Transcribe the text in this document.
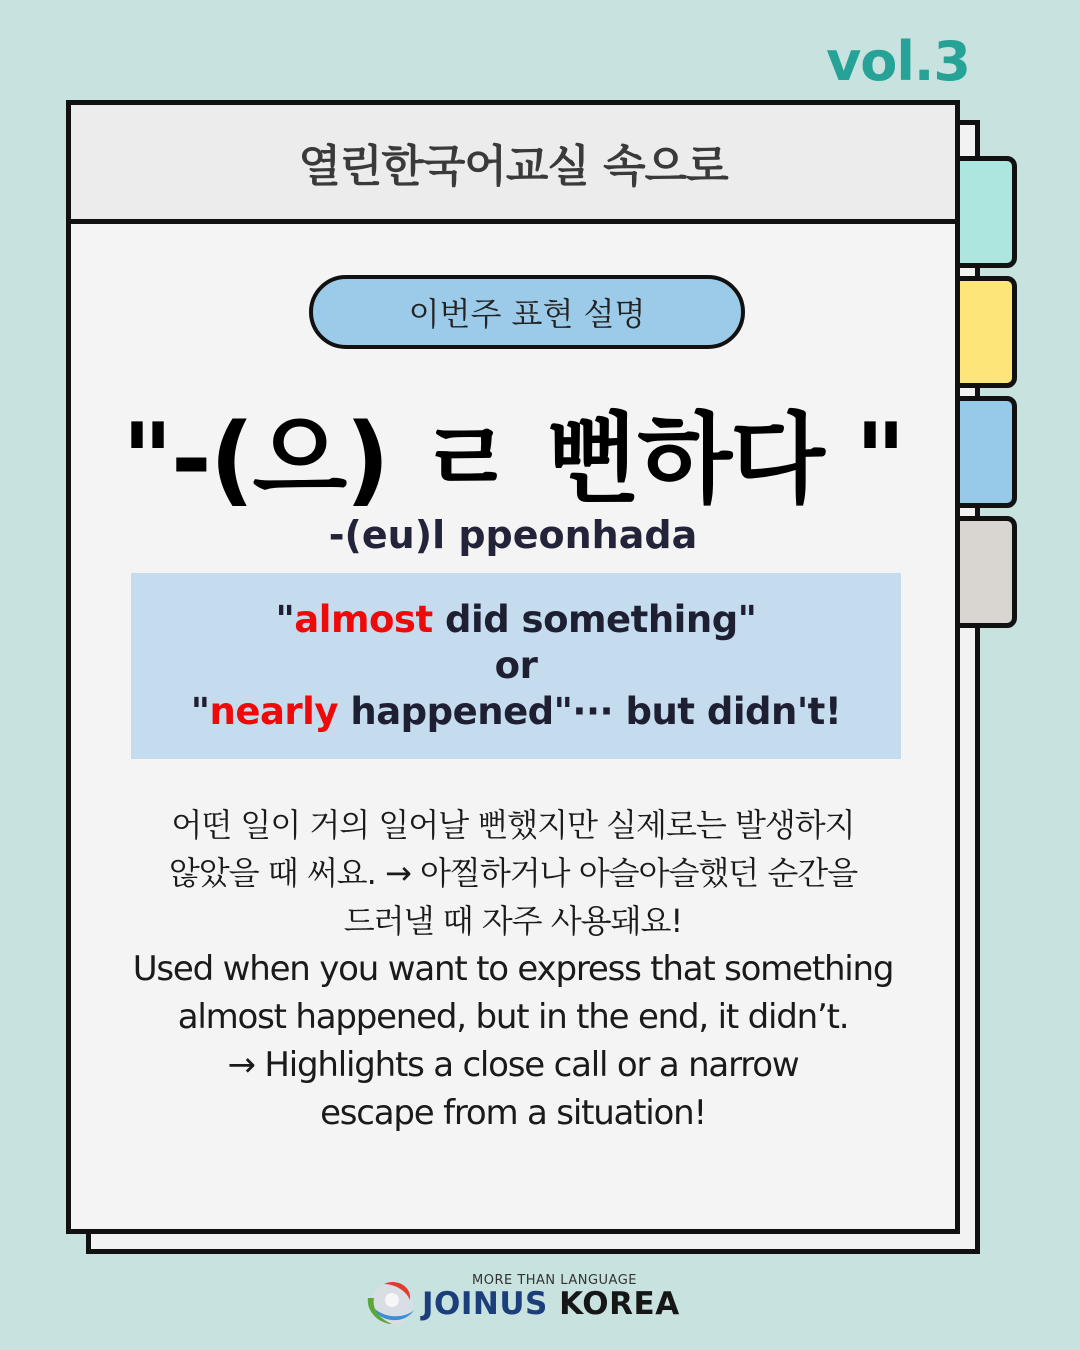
vol.3
열린한국어교실 속으로
이번주 표현 설명
"-(으) ㄹ 뻔하다 "
-(eu)l ppeonhada
"almost did something"
or
"nearly happened"··· but didn't!
어떤 일이 거의 일어날 뻔했지만 실제로는 발생하지
않았을 때 써요. → 아찔하거나 아슬아슬했던 순간을
드러낼 때 자주 사용돼요!
Used when you want to express that something
almost happened, but in the end, it didn’t.
→ Highlights a close call or a narrow
escape from a situation!
MORE THAN LANGUAGE
JOINUS KOREA
